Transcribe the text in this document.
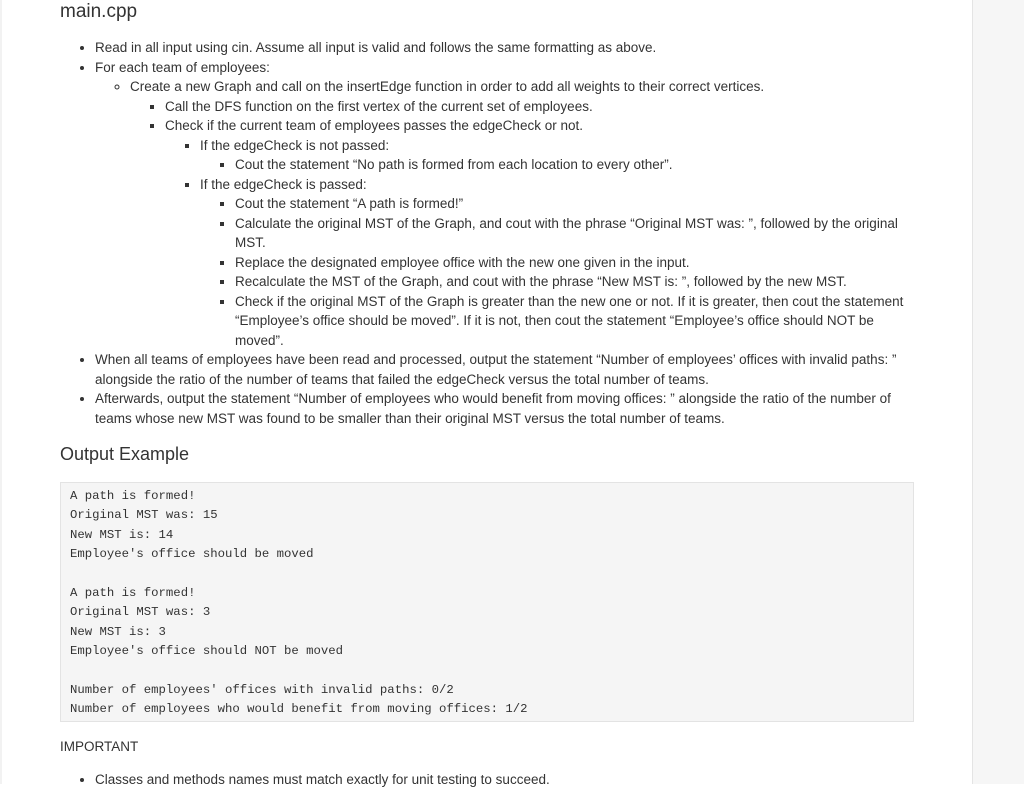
main.cpp
• Read in all input using cin. Assume all input is valid and follows the same formatting as above.
• For each team of employees:
◦ Create a new Graph and call on the insertEdge function in order to add all weights to their correct vertices.
▪ Call the DFS function on the first vertex of the current set of employees.
▪ Check if the current team of employees passes the edgeCheck or not.
▪ If the edgeCheck is not passed:
▪ Cout the statement “No path is formed from each location to every other”.
▪ If the edgeCheck is passed:
▪ Cout the statement “A path is formed!”
▪ Calculate the original MST of the Graph, and cout with the phrase “Original MST was: ”, followed by the original MST.
▪ Replace the designated employee office with the new one given in the input.
▪ Recalculate the MST of the Graph, and cout with the phrase “New MST is: ”, followed by the new MST.
▪ Check if the original MST of the Graph is greater than the new one or not. If it is greater, then cout the statement “Employee’s office should be moved”. If it is not, then cout the statement “Employee’s office should NOT be moved”.
• When all teams of employees have been read and processed, output the statement “Number of employees’ offices with invalid paths: ” alongside the ratio of the number of teams that failed the edgeCheck versus the total number of teams.
• Afterwards, output the statement “Number of employees who would benefit from moving offices: ” alongside the ratio of the number of teams whose new MST was found to be smaller than their original MST versus the total number of teams.
Output Example
A path is formed!
Original MST was: 15
New MST is: 14
Employee's office should be moved
A path is formed!
Original MST was: 3
New MST is: 3
Employee's office should NOT be moved
Number of employees' offices with invalid paths: 0/2
Number of employees who would benefit from moving offices: 1/2

IMPORTANT

• Classes and methods names must match exactly for unit testing to succeed.
